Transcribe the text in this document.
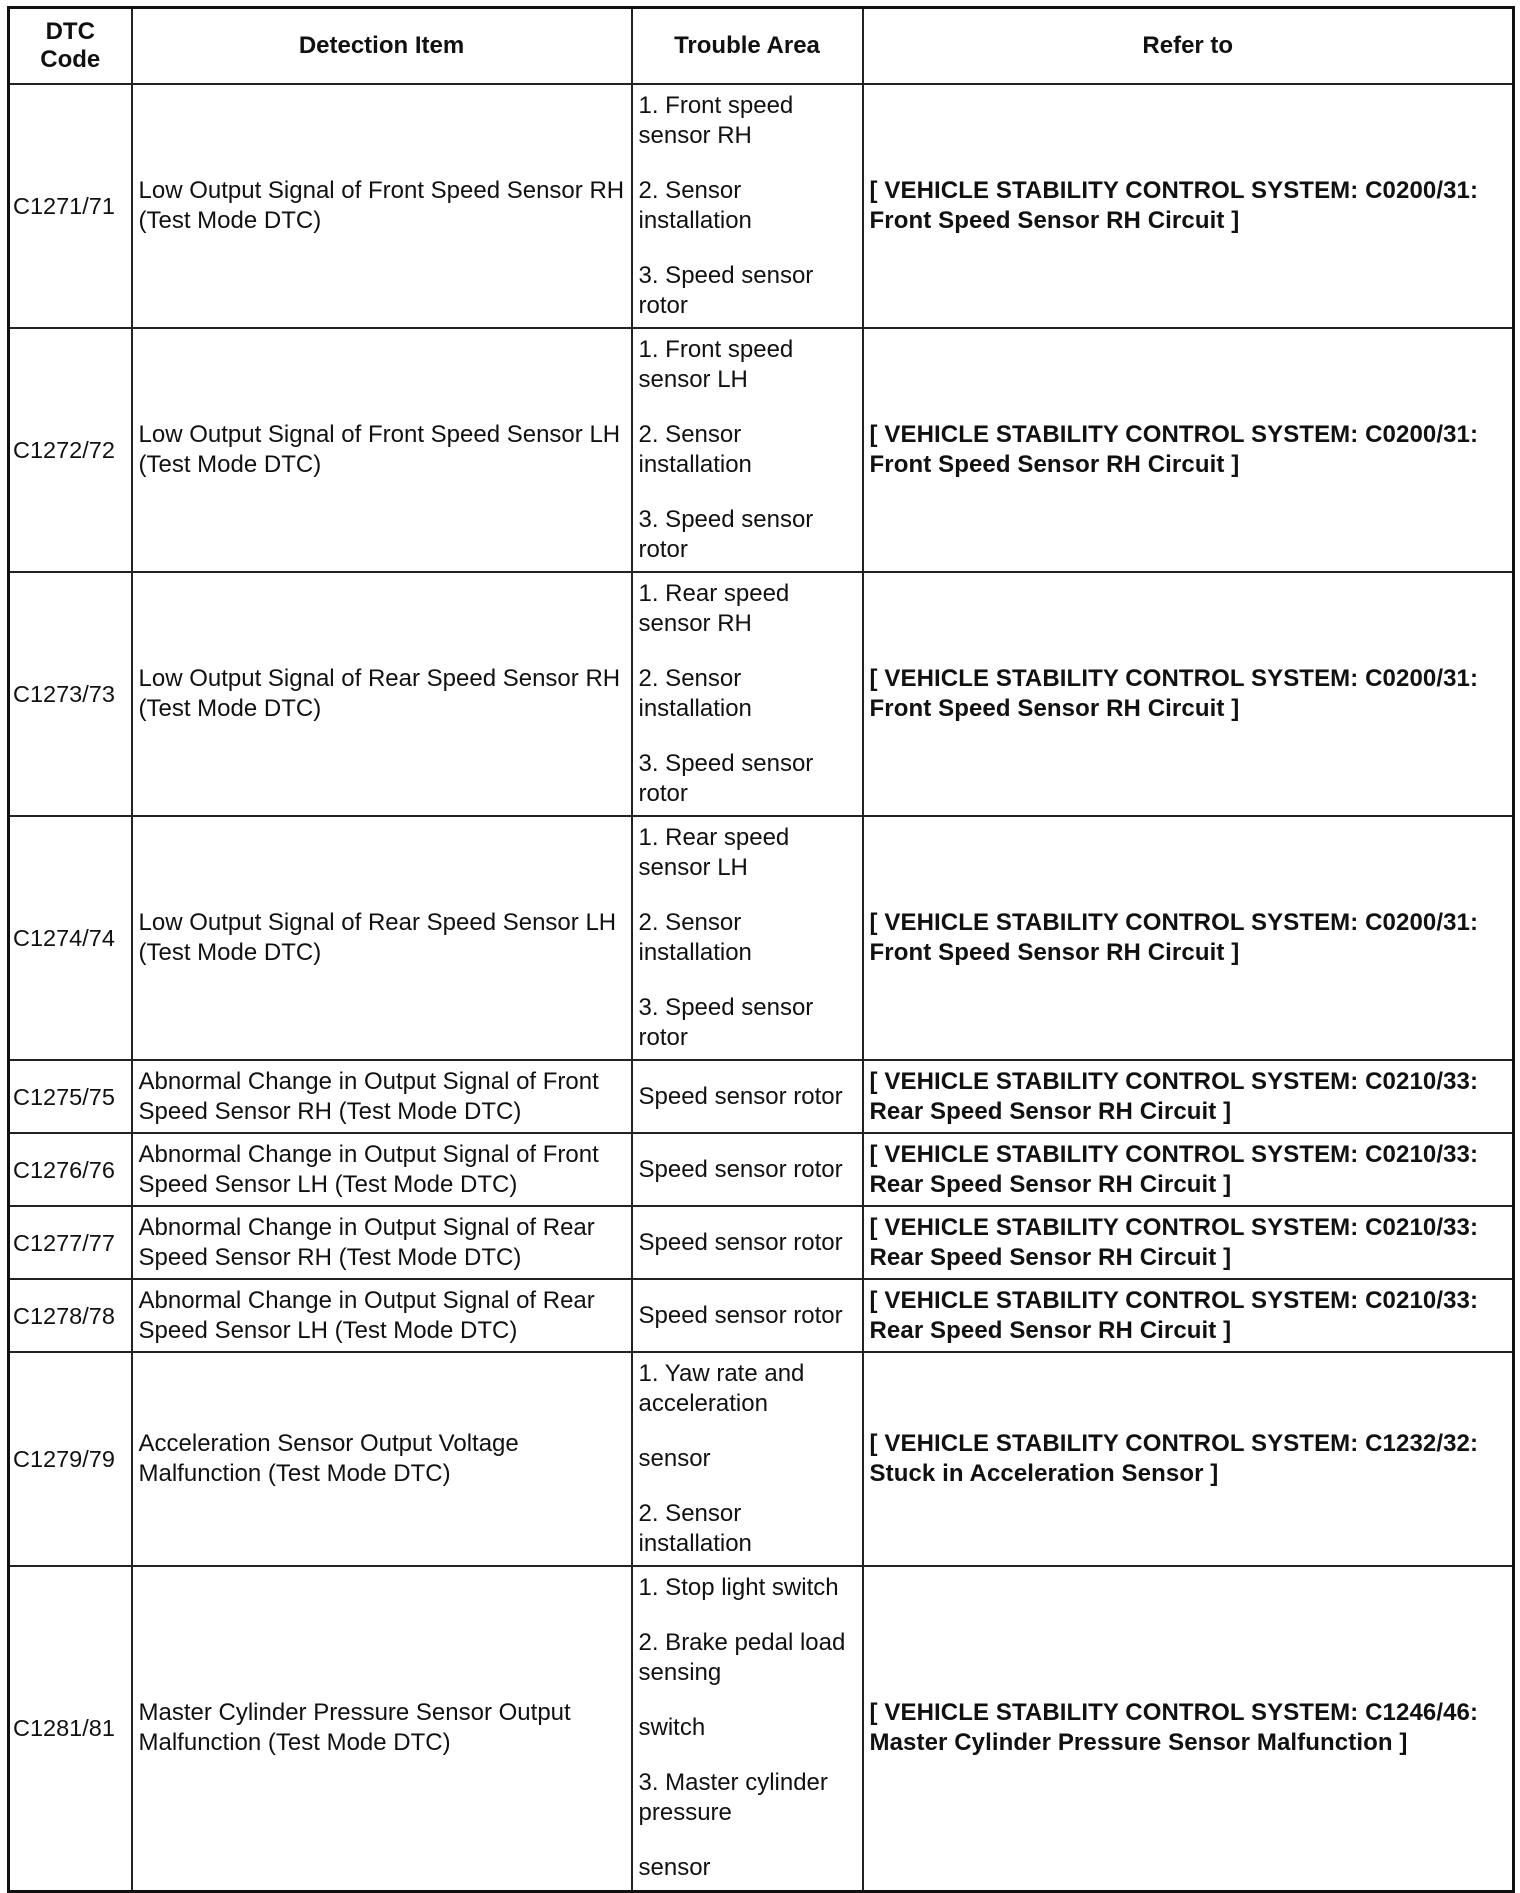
DTC Code	Detection Item	Trouble Area	Refer to
C1271/71	Low Output Signal of Front Speed Sensor RH (Test Mode DTC)	1. Front speed sensor RH
2. Sensor installation
3. Speed sensor rotor	[ VEHICLE STABILITY CONTROL SYSTEM: C0200/31: Front Speed Sensor RH Circuit ]
C1272/72	Low Output Signal of Front Speed Sensor LH (Test Mode DTC)	1. Front speed sensor LH
2. Sensor installation
3. Speed sensor rotor	[ VEHICLE STABILITY CONTROL SYSTEM: C0200/31: Front Speed Sensor RH Circuit ]
C1273/73	Low Output Signal of Rear Speed Sensor RH (Test Mode DTC)	1. Rear speed sensor RH
2. Sensor installation
3. Speed sensor rotor	[ VEHICLE STABILITY CONTROL SYSTEM: C0200/31: Front Speed Sensor RH Circuit ]
C1274/74	Low Output Signal of Rear Speed Sensor LH (Test Mode DTC)	1. Rear speed sensor LH
2. Sensor installation
3. Speed sensor rotor	[ VEHICLE STABILITY CONTROL SYSTEM: C0200/31: Front Speed Sensor RH Circuit ]
C1275/75	Abnormal Change in Output Signal of Front Speed Sensor RH (Test Mode DTC)	Speed sensor rotor	[ VEHICLE STABILITY CONTROL SYSTEM: C0210/33: Rear Speed Sensor RH Circuit ]
C1276/76	Abnormal Change in Output Signal of Front Speed Sensor LH (Test Mode DTC)	Speed sensor rotor	[ VEHICLE STABILITY CONTROL SYSTEM: C0210/33: Rear Speed Sensor RH Circuit ]
C1277/77	Abnormal Change in Output Signal of Rear Speed Sensor RH (Test Mode DTC)	Speed sensor rotor	[ VEHICLE STABILITY CONTROL SYSTEM: C0210/33: Rear Speed Sensor RH Circuit ]
C1278/78	Abnormal Change in Output Signal of Rear Speed Sensor LH (Test Mode DTC)	Speed sensor rotor	[ VEHICLE STABILITY CONTROL SYSTEM: C0210/33: Rear Speed Sensor RH Circuit ]
C1279/79	Acceleration Sensor Output Voltage Malfunction (Test Mode DTC)	1. Yaw rate and acceleration
sensor
2. Sensor installation	[ VEHICLE STABILITY CONTROL SYSTEM: C1232/32: Stuck in Acceleration Sensor ]
C1281/81	Master Cylinder Pressure Sensor Output Malfunction (Test Mode DTC)	1. Stop light switch
2. Brake pedal load sensing
switch
3. Master cylinder pressure
sensor	[ VEHICLE STABILITY CONTROL SYSTEM: C1246/46: Master Cylinder Pressure Sensor Malfunction ]
